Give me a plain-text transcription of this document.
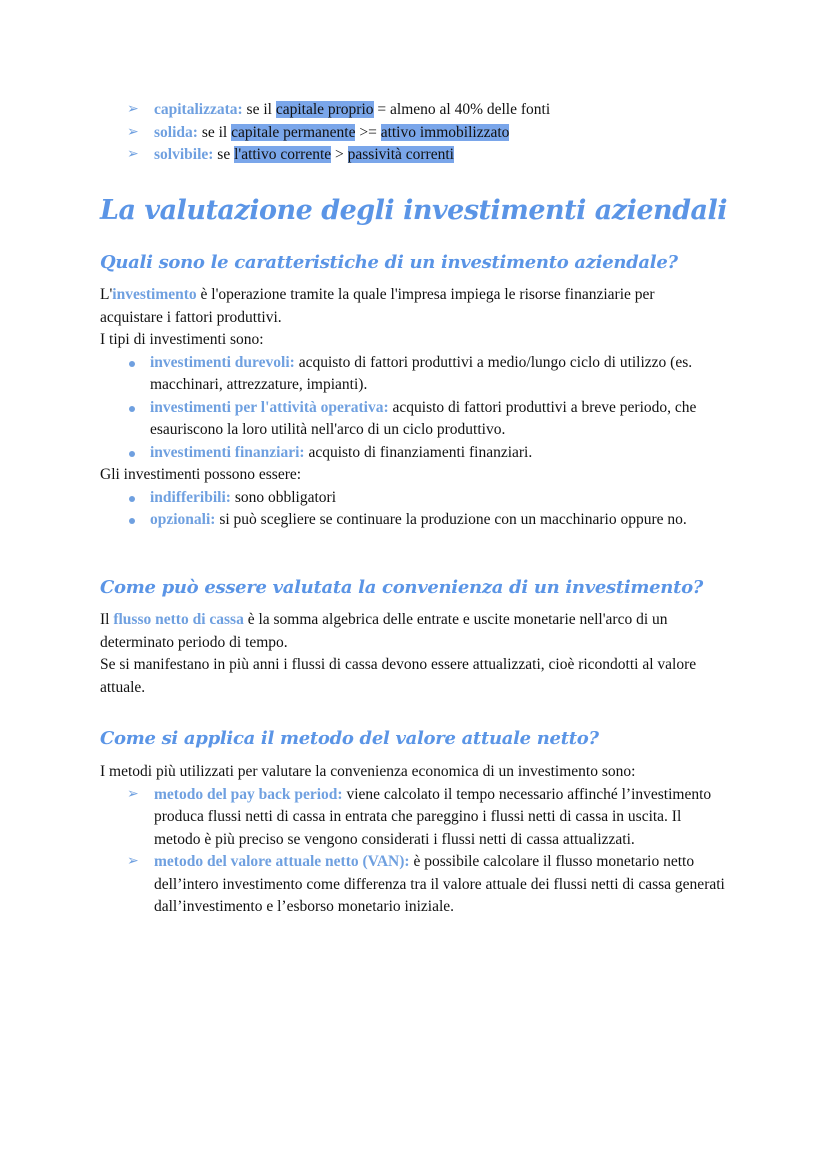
➢ capitalizzata: se il capitale proprio = almeno al 40% delle fonti
➢ solida: se il capitale permanente >= attivo immobilizzato
➢ solvibile: se l'attivo corrente > passività correnti
La valutazione degli investimenti aziendali
Quali sono le caratteristiche di un investimento aziendale?

L'investimento è l'operazione tramite la quale l'impresa impiega le risorse finanziarie per acquistare i fattori produttivi.

I tipi di investimenti sono:

investimenti durevoli: acquisto di fattori produttivi a medio/lungo ciclo di utilizzo (es. macchinari, attrezzature, impianti).
investimenti per l'attività operativa: acquisto di fattori produttivi a breve periodo, che esauriscono la loro utilità nell'arco di un ciclo produttivo.
investimenti finanziari: acquisto di finanziamenti finanziari.

Gli investimenti possono essere:

indifferibili: sono obbligatori
opzionali: si può scegliere se continuare la produzione con un macchinario oppure no.
Come può essere valutata la convenienza di un investimento?

Il flusso netto di cassa è la somma algebrica delle entrate e uscite monetarie nell'arco di un determinato periodo di tempo.

Se si manifestano in più anni i flussi di cassa devono essere attualizzati, cioè ricondotti al valore attuale.

Come si applica il metodo del valore attuale netto?

I metodi più utilizzati per valutare la convenienza economica di un investimento sono:

➢ metodo del pay back period: viene calcolato il tempo necessario affinché l’investimento produca flussi netti di cassa in entrata che pareggino i flussi netti di cassa in uscita. Il metodo è più preciso se vengono considerati i flussi netti di cassa attualizzati.
➢ metodo del valore attuale netto (VAN): è possibile calcolare il flusso monetario netto dell’intero investimento come differenza tra il valore attuale dei flussi netti di cassa generati dall’investimento e l’esborso monetario iniziale.
